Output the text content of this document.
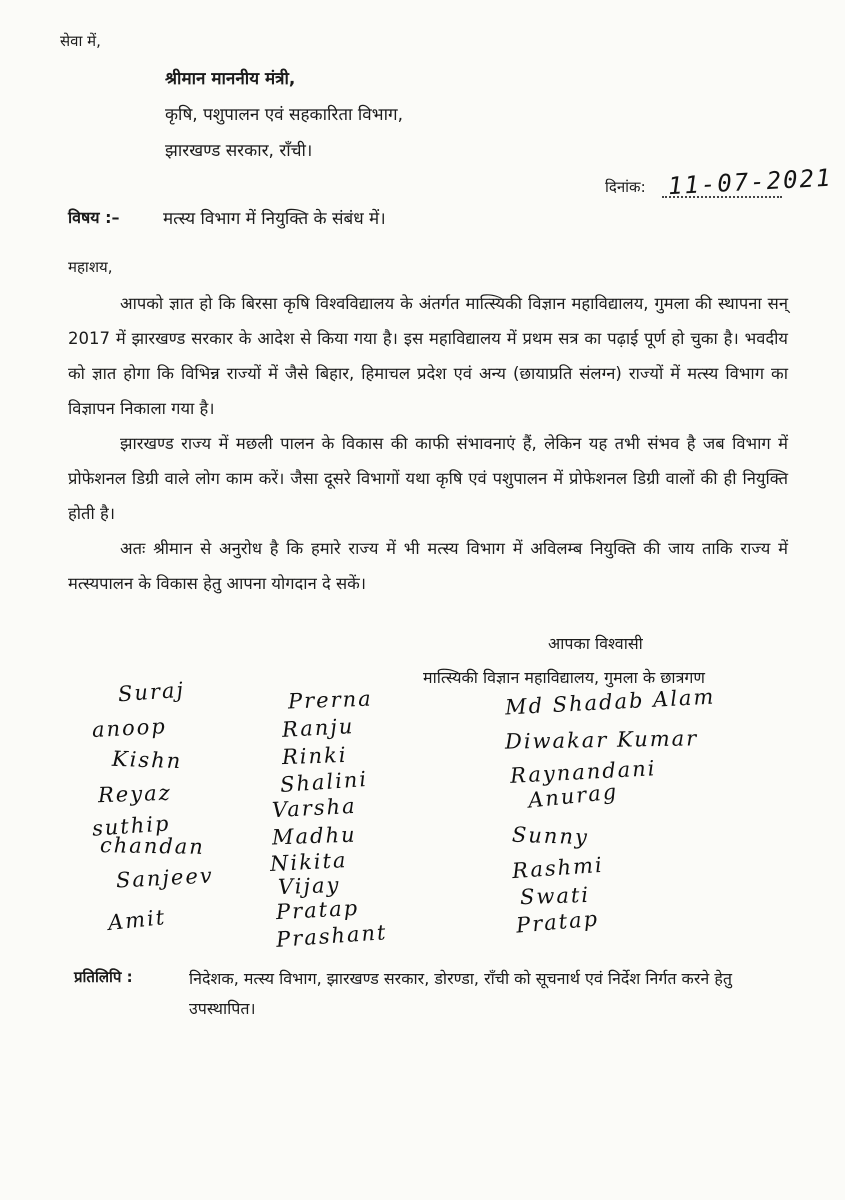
सेवा में,
श्रीमान माननीय मंत्री,
कृषि, पशुपालन एवं सहकारिता विभाग,
झारखण्ड सरकार, राँची।
दिनांक: 11-07-2021
विषय :–	मत्स्य विभाग में नियुक्ति के संबंध में।
महाशय,
आपको ज्ञात हो कि बिरसा कृषि विश्वविद्यालय के अंतर्गत मात्स्यिकी विज्ञान महाविद्यालय, गुमला की स्थापना सन् 2017 में झारखण्ड सरकार के आदेश से किया गया है। इस महाविद्यालय में प्रथम सत्र का पढ़ाई पूर्ण हो चुका है। भवदीय को ज्ञात होगा कि विभिन्न राज्यों में जैसे बिहार, हिमाचल प्रदेश एवं अन्य (छायाप्रति संलग्न) राज्यों में मत्स्य विभाग का विज्ञापन निकाला गया है।
झारखण्ड राज्य में मछली पालन के विकास की काफी संभावनाएं हैं, लेकिन यह तभी संभव है जब विभाग में प्रोफेशनल डिग्री वाले लोग काम करें। जैसा दूसरे विभागों यथा कृषि एवं पशुपालन में प्रोफेशनल डिग्री वालों की ही नियुक्ति होती है।
अतः श्रीमान से अनुरोध है कि हमारे राज्य में भी मत्स्य विभाग में अविलम्ब नियुक्ति की जाय ताकि राज्य में मत्स्यपालन के विकास हेतु आपना योगदान दे सकें।
आपका विश्वासी
मात्स्यिकी विज्ञान महाविद्यालय, गुमला के छात्रगण
Suraj
anoop
Kishn
Reyaz
suthip
chandan
Sanjeev
Amit
Prerna
Ranju
Rinki
Shalini
Varsha
Madhu
Nikita
Vijay
Pratap
Prashant
Md Shadab Alam
Diwakar Kumar
Raynandani
Anurag
Sunny
Rashmi
Swati
Pratap
प्रतिलिपि :	निदेशक, मत्स्य विभाग, झारखण्ड सरकार, डोरण्डा, राँची को सूचनार्थ एवं निर्देश निर्गत करने हेतु उपस्थापित।
